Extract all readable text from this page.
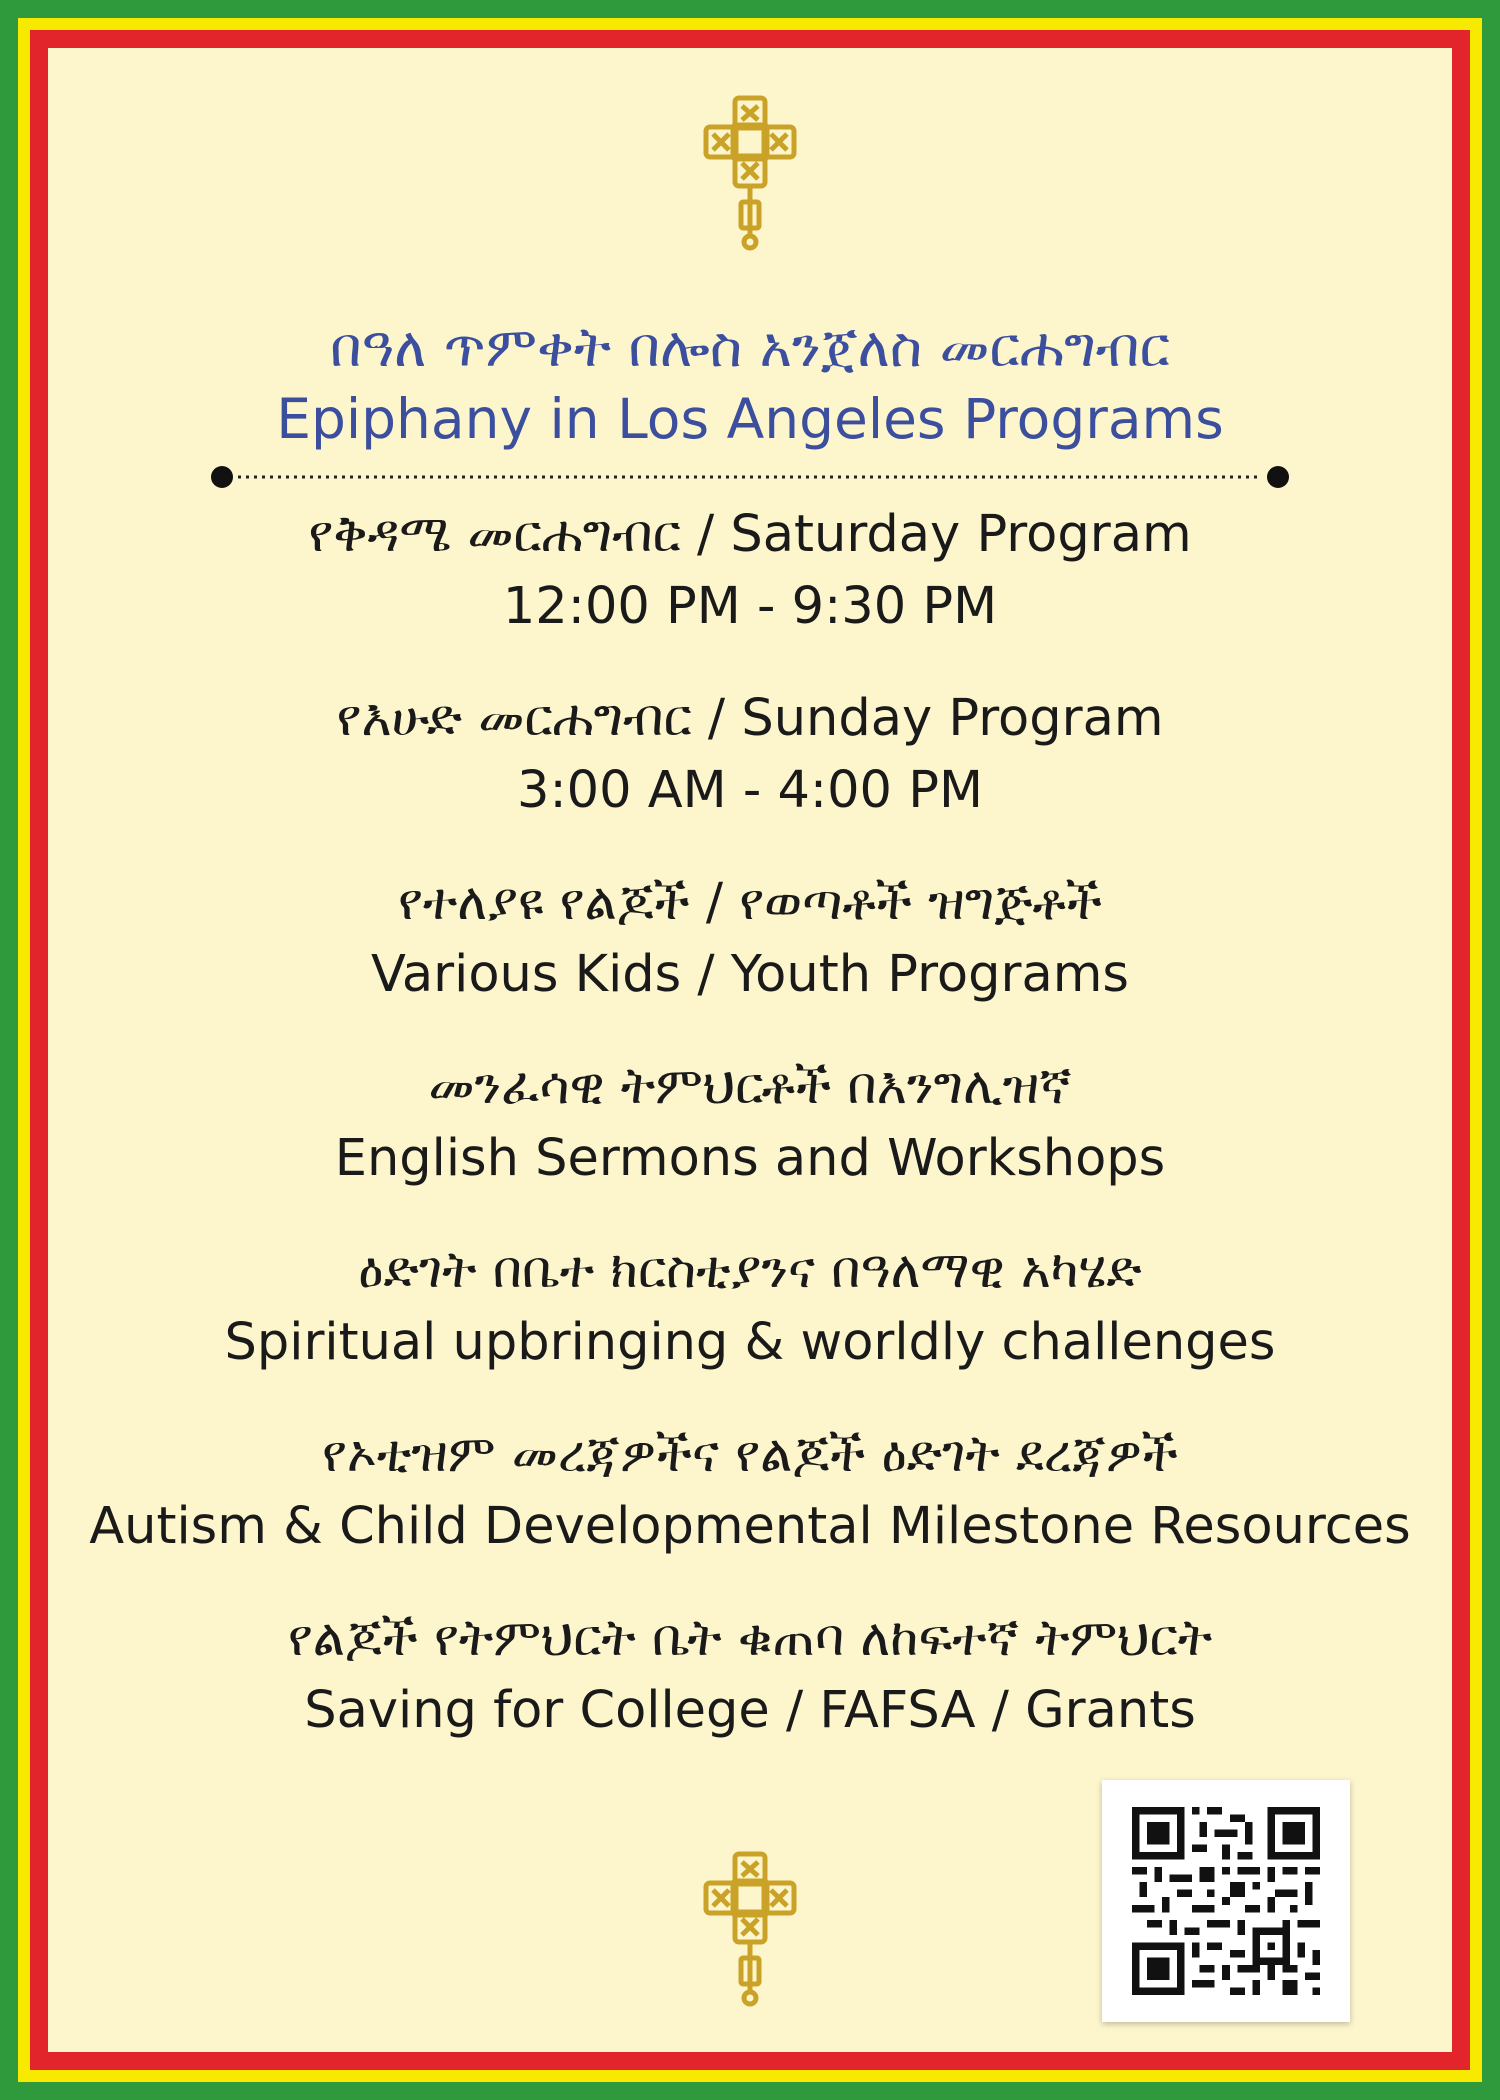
በዓለ ጥምቀት በሎስ አንጀለስ መርሐግብር
Epiphany in Los Angeles Programs
የቅዳሜ መርሐግብር / Saturday Program
12:00 PM - 9:30 PM
የእሁድ መርሐግብር / Sunday Program
3:00 AM - 4:00 PM
የተለያዩ የልጆች / የወጣቶች ዝግጅቶች
Various Kids / Youth Programs
መንፈሳዊ ትምህርቶች በእንግሊዝኛ
English Sermons and Workshops
ዕድገት በቤተ ክርስቲያንና በዓለማዊ አካሄድ
Spiritual upbringing & worldly challenges
የኦቲዝም መረጃዎችና የልጆች ዕድገት ደረጃዎች
Autism & Child Developmental Milestone Resources
የልጆች የትምህርት ቤት ቁጠባ ለከፍተኛ ትምህርት
Saving for College / FAFSA / Grants
